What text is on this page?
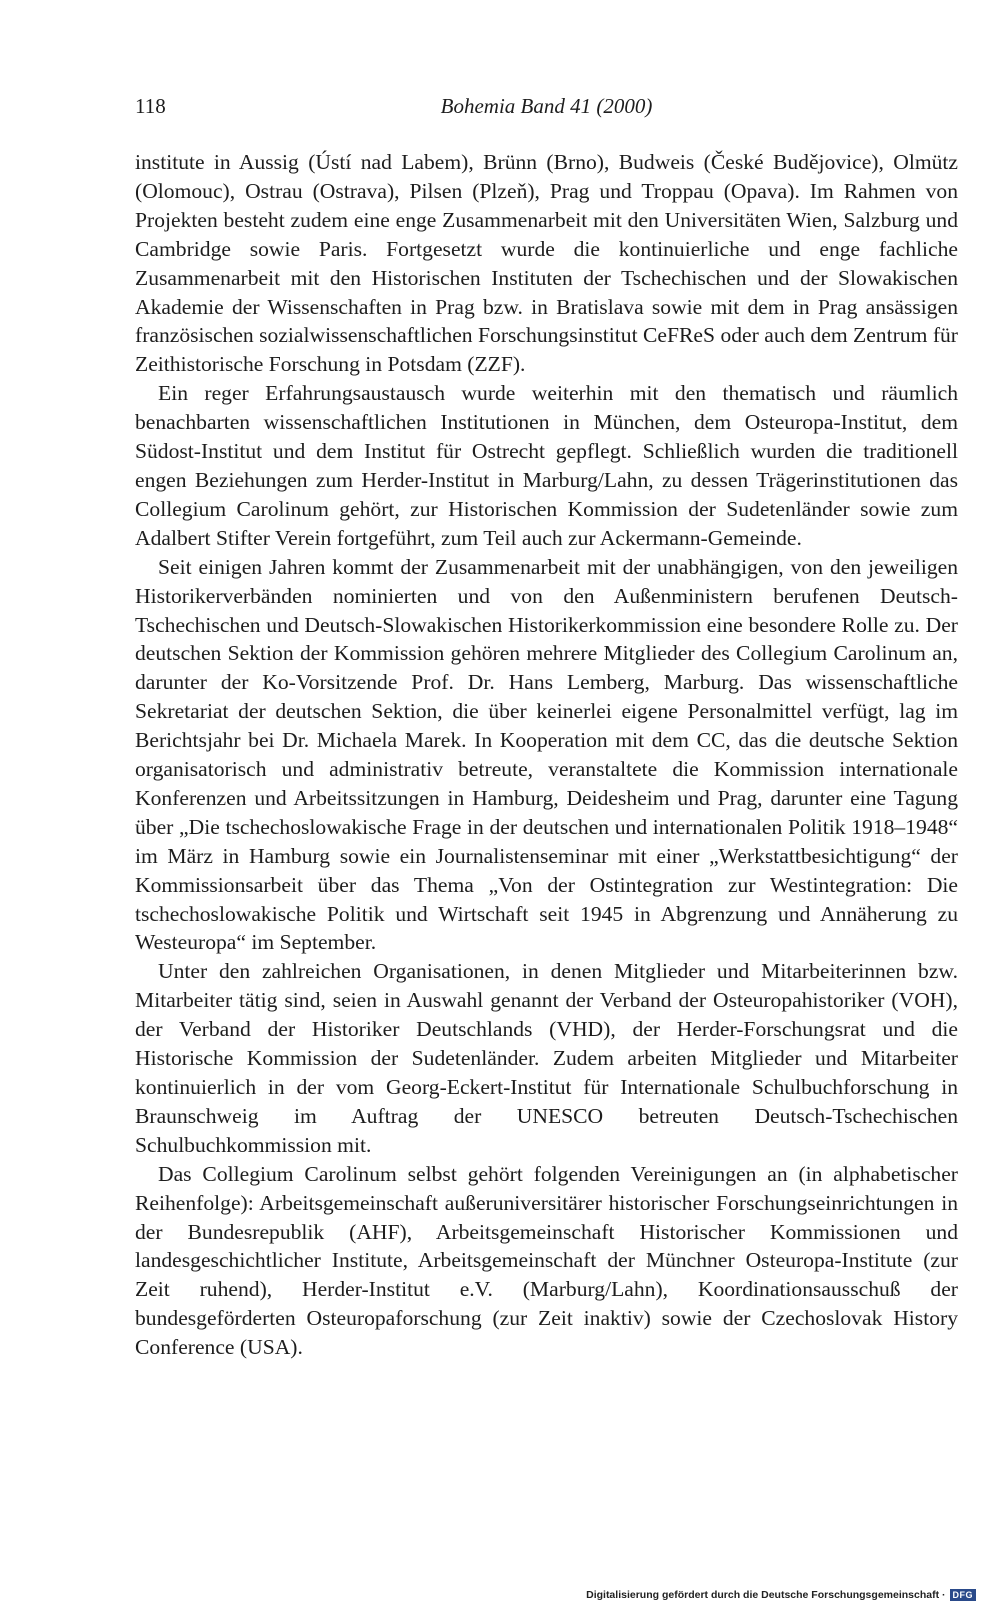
118	Bohemia Band 41 (2000)

institute in Aussig (Ústí nad Labem), Brünn (Brno), Budweis (České Budějovice), Olmütz (Olomouc), Ostrau (Ostrava), Pilsen (Plzeň), Prag und Troppau (Opava). Im Rahmen von Projekten besteht zudem eine enge Zusammenarbeit mit den Universitäten Wien, Salzburg und Cambridge sowie Paris. Fortgesetzt wurde die kontinuierliche und enge fachliche Zusammenarbeit mit den Historischen Instituten der Tschechischen und der Slowakischen Akademie der Wissenschaften in Prag bzw. in Bratislava sowie mit dem in Prag ansässigen französischen sozialwissenschaftlichen Forschungsinstitut CeFReS oder auch dem Zentrum für Zeithistorische Forschung in Potsdam (ZZF).

Ein reger Erfahrungsaustausch wurde weiterhin mit den thematisch und räumlich benachbarten wissenschaftlichen Institutionen in München, dem Osteuropa-Institut, dem Südost-Institut und dem Institut für Ostrecht gepflegt. Schließlich wurden die traditionell engen Beziehungen zum Herder-Institut in Marburg/Lahn, zu dessen Trägerinstitutionen das Collegium Carolinum gehört, zur Historischen Kommission der Sudetenländer sowie zum Adalbert Stifter Verein fortgeführt, zum Teil auch zur Ackermann-Gemeinde.

Seit einigen Jahren kommt der Zusammenarbeit mit der unabhängigen, von den jeweiligen Historikerverbänden nominierten und von den Außenministern berufenen Deutsch-Tschechischen und Deutsch-Slowakischen Historikerkommission eine besondere Rolle zu. Der deutschen Sektion der Kommission gehören mehrere Mitglieder des Collegium Carolinum an, darunter der Ko-Vorsitzende Prof. Dr. Hans Lemberg, Marburg. Das wissenschaftliche Sekretariat der deutschen Sektion, die über keinerlei eigene Personalmittel verfügt, lag im Berichtsjahr bei Dr. Michaela Marek. In Kooperation mit dem CC, das die deutsche Sektion organisatorisch und administrativ betreute, veranstaltete die Kommission internationale Konferenzen und Arbeitssitzungen in Hamburg, Deidesheim und Prag, darunter eine Tagung über „Die tschechoslowakische Frage in der deutschen und internationalen Politik 1918–1948“ im März in Hamburg sowie ein Journalistenseminar mit einer „Werkstattbesichtigung“ der Kommissionsarbeit über das Thema „Von der Ostintegration zur Westintegration: Die tschechoslowakische Politik und Wirtschaft seit 1945 in Abgrenzung und Annäherung zu Westeuropa“ im September.

Unter den zahlreichen Organisationen, in denen Mitglieder und Mitarbeiterinnen bzw. Mitarbeiter tätig sind, seien in Auswahl genannt der Verband der Osteuropahistoriker (VOH), der Verband der Historiker Deutschlands (VHD), der Herder-Forschungsrat und die Historische Kommission der Sudetenländer. Zudem arbeiten Mitglieder und Mitarbeiter kontinuierlich in der vom Georg-Eckert-Institut für Internationale Schulbuchforschung in Braunschweig im Auftrag der UNESCO betreuten Deutsch-Tschechischen Schulbuchkommission mit.

Das Collegium Carolinum selbst gehört folgenden Vereinigungen an (in alphabetischer Reihenfolge): Arbeitsgemeinschaft außeruniversitärer historischer Forschungseinrichtungen in der Bundesrepublik (AHF), Arbeitsgemeinschaft Historischer Kommissionen und landesgeschichtlicher Institute, Arbeitsgemeinschaft der Münchner Osteuropa-Institute (zur Zeit ruhend), Herder-Institut e.V. (Marburg/Lahn), Koordinationsausschuß der bundesgeförderten Osteuropaforschung (zur Zeit inaktiv) sowie der Czechoslovak History Conference (USA).

Digitalisierung gefördert durch die Deutsche Forschungsgemeinschaft · DFG
